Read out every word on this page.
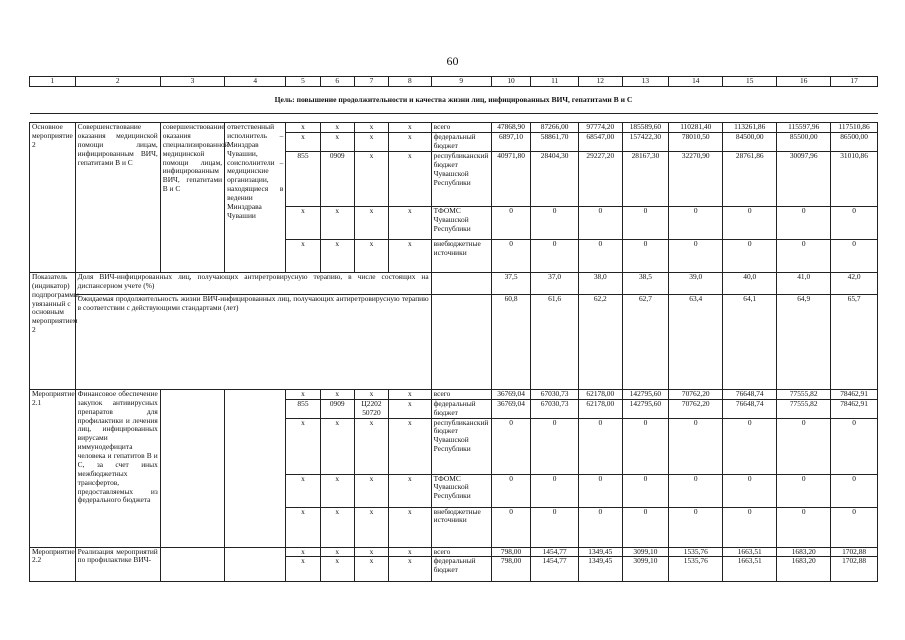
60
1	2	3	4	5	6	7	8	9	10	11	12	13	14	15	16	17
Цель: повышение продолжительности и качества жизни лиц, инфицированных ВИЧ, гепатитами В и С																

Основное мероприятие 2	Совершенствование оказания медицинской помощи лицам, инфицированным ВИЧ, гепатитами В и С	совершенствование оказания специализированной медицинской помощи лицам, инфицированным ВИЧ, гепатитами В и С	ответственный исполнитель – Минздрав Чувашии, соисполнители – медицинские организации, находящиеся в ведении Минздрава Чувашии	x	x	x	x	всего	47868,90	87266,00	97774,20	185589,60	110281,40	113261,86	115597,96	117510,86
				x	x	x	x	федеральный бюджет	6897,10	58861,70	68547,00	157422,30	78010,50	84500,00	85500,00	86500,00
				855	0909	x	x	республиканский бюджет Чувашской Республики	40971,80	28404,30	29227,20	28167,30	32270,90	28761,86	30097,96	31010,86
				x	x	x	x	ТФОМС Чувашской Республики	0	0	0	0	0	0	0	0
				x	x	x	x	внебюджетные источники	0	0	0	0	0	0	0	0
Показатель (индикатор) подпрограммы, увязанный с основным мероприятием 2	Доля ВИЧ-инфицированных лиц, получающих антиретровирусную терапию, в числе состоящих на диспансерном учете (%)								37,5	37,0	38,0	38,5	39,0	40,0	41,0	42,0
	Ожидаемая продолжительность жизни ВИЧ-инфицированных лиц, получающих антиретровирусную терапию в соответствии с действующими стандартами (лет)								60,8	61,6	62,2	62,7	63,4	64,1	64,9	65,7
Мероприятие 2.1	Финансовое обеспечение закупок антивирусных препаратов для профилактики и лечения лиц, инфицированных вирусами иммунодефицита человека и гепатитов В и С, за счет иных межбюджетных трансфертов, предоставляемых из федерального бюджета			x	x	x	x	всего	36769,04	67030,73	62178,00	142795,60	70762,20	76648,74	77555,82	78462,91
				855	0909	Ц2202 50720	x	федеральный бюджет	36769,04	67030,73	62178,00	142795,60	70762,20	76648,74	77555,82	78462,91
				x	x	x	x	республиканский бюджет Чувашской Республики	0	0	0	0	0	0	0	0
				x	x	x	x	ТФОМС Чувашской Республики	0	0	0	0	0	0	0	0
				x	x	x	x	внебюджетные источники	0	0	0	0	0	0	0	0
Мероприятие 2.2	Реализация мероприятий по профилактике ВИЧ-			x	x	x	x	всего	798,00	1454,77	1349,45	3099,10	1535,76	1663,51	1683,20	1702,88
				x	x	x	x	федеральный бюджет	798,00	1454,77	1349,45	3099,10	1535,76	1663,51	1683,20	1702,88
